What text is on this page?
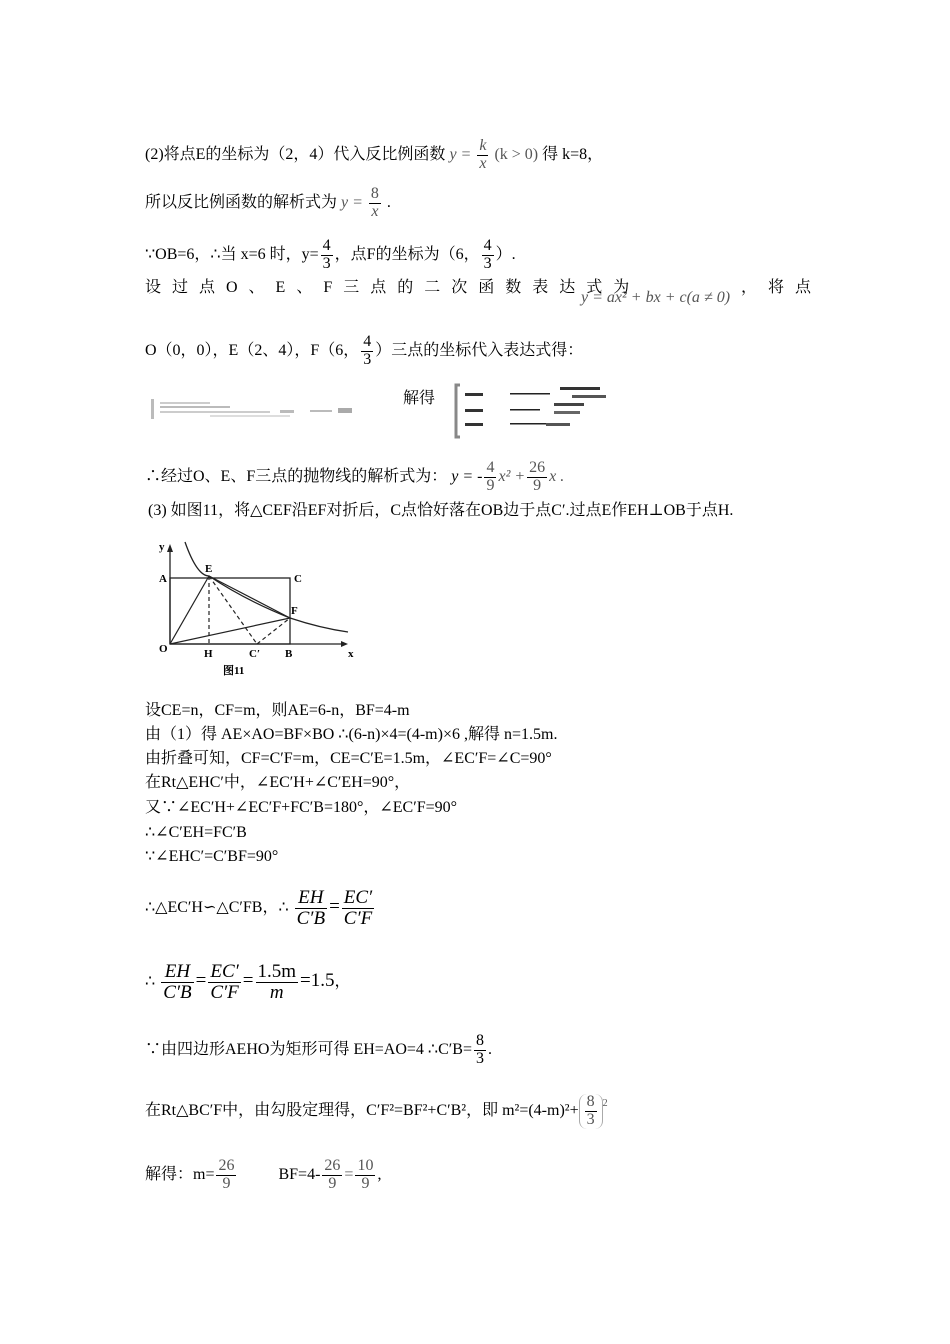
(2)将点E的坐标为（2，4）代入反比例函数 $y = \frac{k}{x} (k > 0)$ 得 k=8，
所以反比例函数的解析式为 $y = \frac{8}{x}$ .
∵OB=6，∴当 x=6 时，$y= \frac{4}{3}$ ，点F的坐标为（6， $\frac{4}{3}$ ）.
设过点O、E、F三点的二次函数表达式为
y = ax² + bx + c(a ≠ 0)
，将点
O（0，0），E（2、4），F（6， $\frac{4}{3}$ ）三点的坐标代入表达式得：
解得
∴经过O、E、F三点的抛物线的解析式为： y = - $\frac{4}{9} x^2 + \frac{26}{9}$ x .
(3) 如图11，将△CEF沿EF对折后，C点恰好落在OB边于点C′.过点E作EH⊥OB于点H.
y
x
A
E
C
F
O	H	C′ B
图11
设CE=n，CF=m，则AE=6-n，BF=4-m
由（1）得 AE×AO=BF×BO ∴(6-n)×4=(4-m)×6 ,解得 n=1.5m.
由折叠可知，CF=C′F=m，CE=C′E=1.5m，∠EC′F=∠C=90°
在Rt△EHC′中，∠EC′H+∠C′EH=90°，
又∵∠EC′H+∠EC′F+FC′B=180°，∠EC′F=90°
∴∠C′EH=FC′B
∵∠EHC′=C′BF=90°
∴△EC′H∽△C′FB，∴ $\frac{EH}{C'B} = \frac{EC'}{C'F}$
∴ $\frac{EH}{C'B} = \frac{EC'}{C'F} = \frac{1.5m}{m} =1.5$，
∵由四边形AEHO为矩形可得 EH=AO=4 ∴C′B= $\frac{8}{3}$ .
在Rt△BC′F中，由勾股定理得，C′F²=BF²+C′B²，即 $m^2=(4-m)^2+ \frac{8}{3} ^2$
解得：$m= \frac{26}{9}$	$BF=4- \frac{26}{9} = \frac{10}{9}$ ,
